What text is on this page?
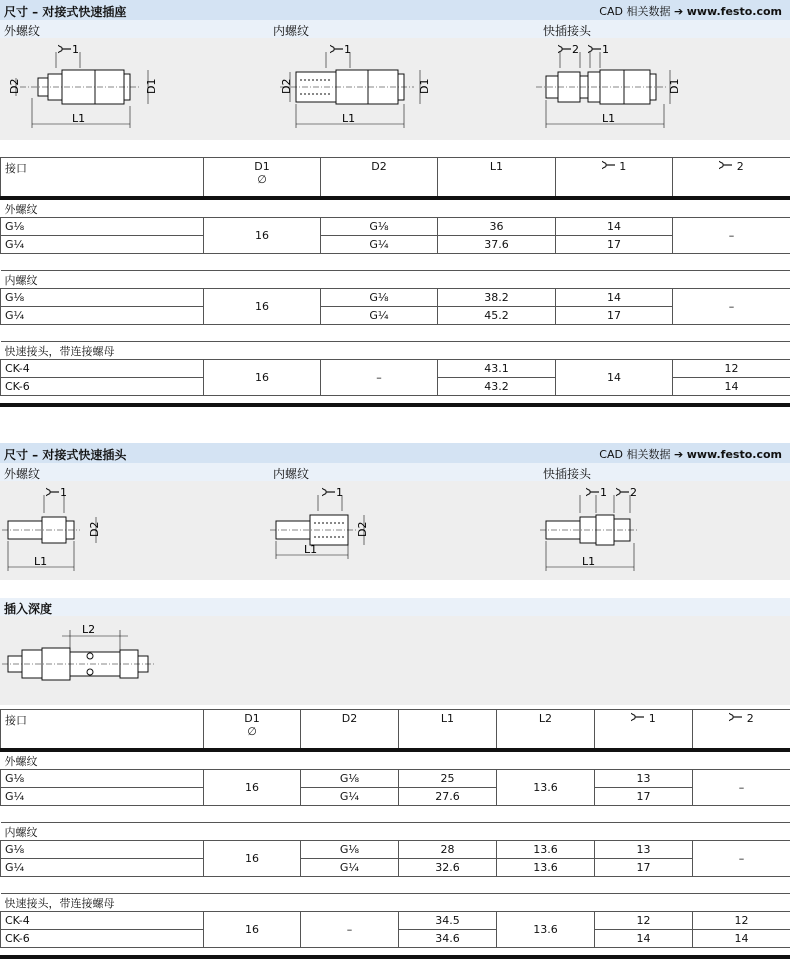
尺寸 – 对接式快速插座	CAD 相关数据 ➔ www.festo.com
外螺纹	内螺纹	快插接头
1
D2	D1
L1
1
D2	D1
L1
2 1
D1
L1
接口	D1
∅	D2	L1	1	2
外螺纹					
G⅛	16	G⅛	36	14	–
G¼		G¼	37.6	17	

内螺纹					
G⅛	16	G⅛	38.2	14	–
G¼		G¼	45.2	17	

快速接头，带连接螺母					
CK-4	16	–	43.1	14	12
CK-6			43.2		14
尺寸 – 对接式快速插头	CAD 相关数据 ➔ www.festo.com
外螺纹	内螺纹	快插接头
1
D2
L1
1
D2
L1
1 2
L1
插入深度
L2
接口	D1
∅	D2	L1	L2	1	2
外螺纹						
G⅛	16	G⅛	25	13.6	13	–
G¼		G¼	27.6		17	

内螺纹						
G⅛	16	G⅛	28	13.6	13	–
G¼		G¼	32.6	13.6	17	

快速接头，带连接螺母						
CK-4	16	–	34.5	13.6	12	12
CK-6			34.6		14	14
